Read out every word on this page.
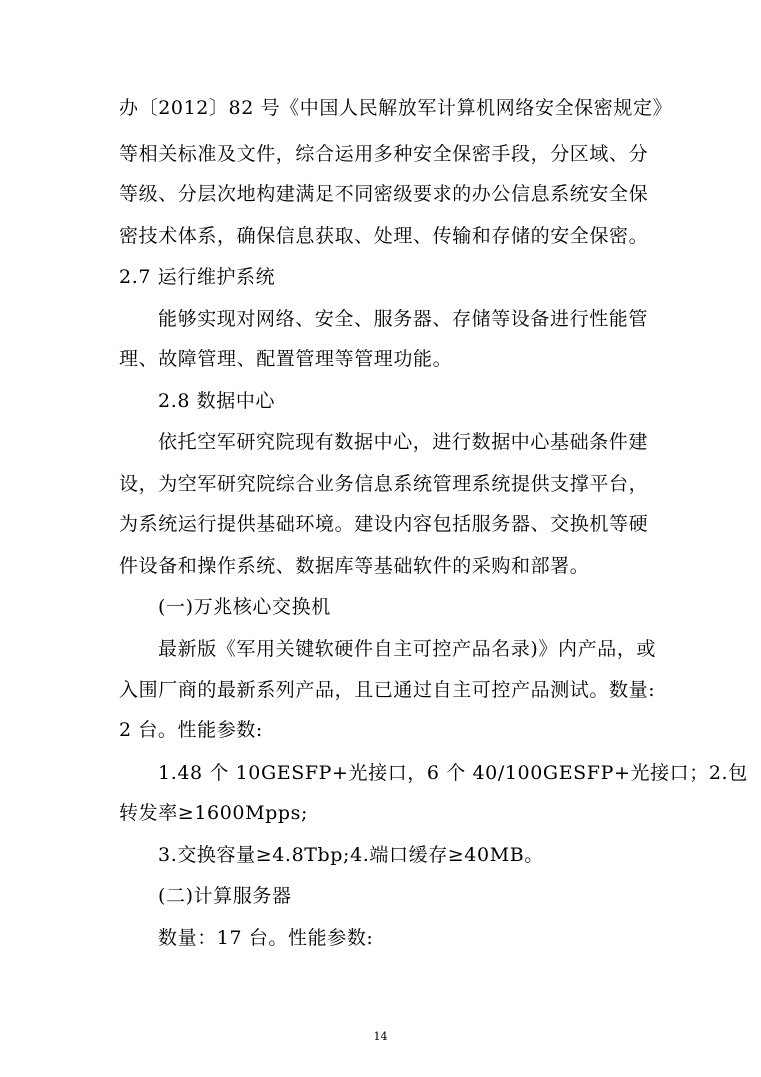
办〔2012〕82 号《中国人民解放军计算机网络安全保密规定》
等相关标准及文件，综合运用多种安全保密手段，分区域、分
等级、分层次地构建满足不同密级要求的办公信息系统安全保
密技术体系，确保信息获取、处理、传输和存储的安全保密。
2.7 运行维护系统
能够实现对网络、安全、服务器、存储等设备进行性能管
理、故障管理、配置管理等管理功能。
2.8 数据中心
依托空军研究院现有数据中心，进行数据中心基础条件建
设，为空军研究院综合业务信息系统管理系统提供支撑平台，
为系统运行提供基础环境。建设内容包括服务器、交换机等硬
件设备和操作系统、数据库等基础软件的采购和部署。
(一)万兆核心交换机
最新版《军用关键软硬件自主可控产品名录)》内产品，或
入围厂商的最新系列产品，且已通过自主可控产品测试。数量:
2 台。性能参数:
1.48 个 10GESFP+光接口，6 个 40/100GESFP+光接口；2.包
转发率≥1600Mpps;
3.交换容量≥4.8Tbp;4.端口缓存≥40MB。
(二)计算服务器
数量：17 台。性能参数:
14
